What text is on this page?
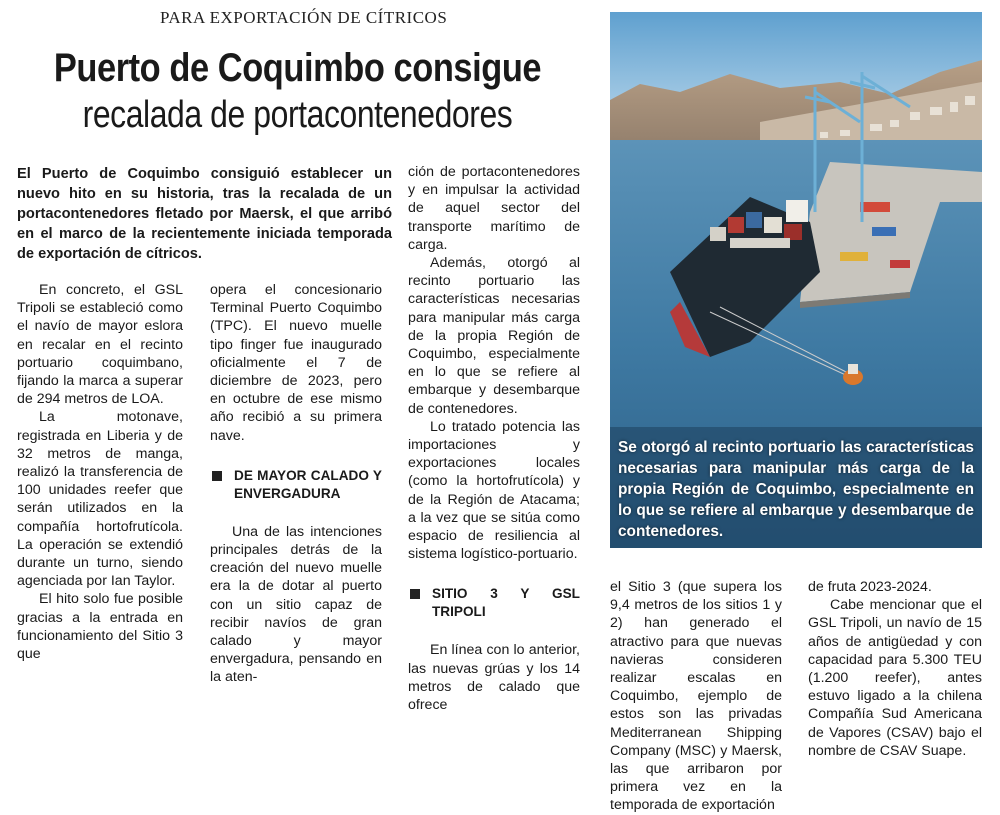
PARA EXPORTACIÓN DE CÍTRICOS
Puerto de Coquimbo consigue
recalada de portacontenedores
El Puerto de Coquimbo consiguió establecer un nuevo hito en su historia, tras la recalada de un portacontenedores fletado por Maersk, el que arribó en el marco de la recientemente iniciada temporada de exportación de cítricos.

En concreto, el GSL Tripoli se estableció como el navío de mayor eslora en recalar en el recinto portuario coquimbano, fijando la marca a superar de 294 metros de LOA.

La motonave, registrada en Liberia y de 32 metros de manga, realizó la transferencia de 100 unidades reefer que serán utilizados en la compañía hortofrutícola. La operación se extendió durante un turno, siendo agenciada por Ian Taylor.

El hito solo fue posible gracias a la entrada en funcionamiento del Sitio 3 que

opera el concesionario Terminal Puerto Coquimbo (TPC). El nuevo muelle tipo finger fue inaugurado oficialmente el 7 de diciembre de 2023, pero en octubre de ese mismo año recibió a su primera nave.

DE MAYOR CALADO Y ENVERGADURA

Una de las intenciones principales detrás de la creación del nuevo muelle era la de dotar al puerto con un sitio capaz de recibir navíos de gran calado y mayor envergadura, pensando en la aten-

ción de portacontenedores y en impulsar la actividad de aquel sector del transporte marítimo de carga.

Además, otorgó al recinto portuario las características necesarias para manipular más carga de la propia Región de Coquimbo, especialmente en lo que se refiere al embarque y desembarque de contenedores.

Lo tratado potencia las importaciones y exportaciones locales (como la hortofrutícola) y de la Región de Atacama; a la vez que se sitúa como espacio de resiliencia al sistema logístico-portuario.

SITIO 3 Y GSL TRIPOLI

En línea con lo anterior, las nuevas grúas y los 14 metros de calado que ofrece

el Sitio 3 (que supera los 9,4 metros de los sitios 1 y 2) han generado el atractivo para que nuevas navieras consideren realizar escalas en Coquimbo, ejemplo de estos son las privadas Mediterranean Shipping Company (MSC) y Maersk, las que arribaron por primera vez en la temporada de exportación

de fruta 2023-2024.

Cabe mencionar que el GSL Tripoli, un navío de 15 años de antigüedad y con capacidad para 5.300 TEU (1.200 reefer), antes estuvo ligado a la chilena Compañía Sud Americana de Vapores (CSAV) bajo el nombre de CSAV Suape.

Se otorgó al recinto portuario las características necesarias para manipular más carga de la propia Región de Coquimbo, especialmente en lo que se refiere al embarque y desembarque de contenedores.
